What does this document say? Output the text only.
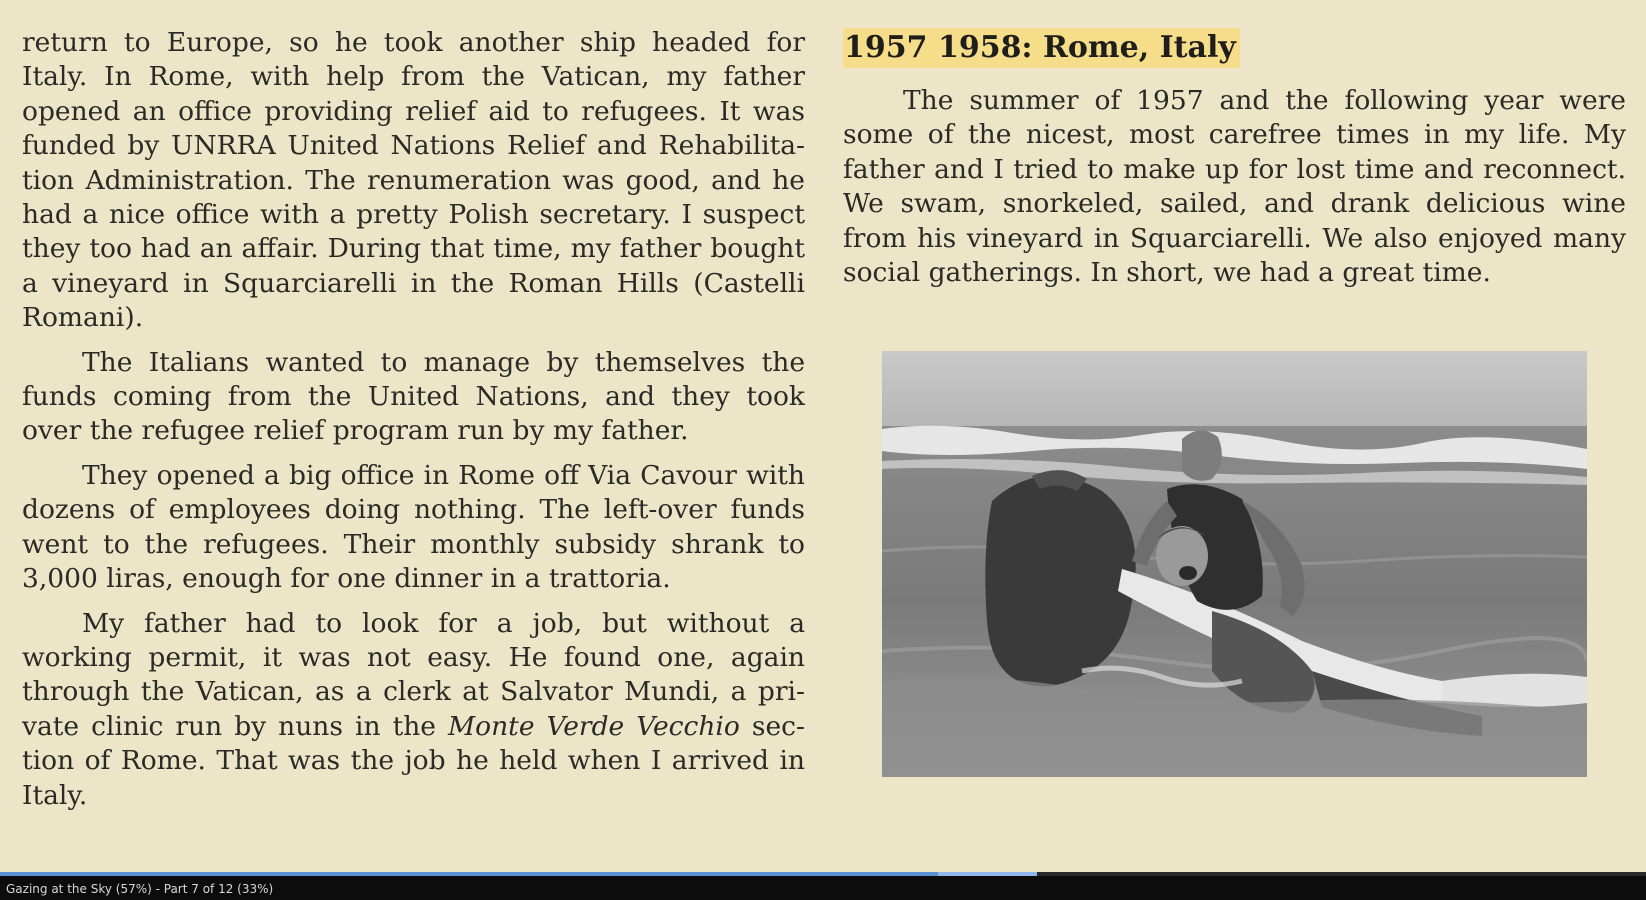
return to Europe, so he took another ship headed for Italy. In Rome, with help from the Vatican, my father opened an office providing relief aid to refugees. It was funded by UNRRA United Nations Relief and Rehabilitation Administration. The renumeration was good, and he had a nice office with a pretty Polish secretary. I suspect they too had an affair. During that time, my father bought a vineyard in Squarciarelli in the Roman Hills (Castelli Romani).

The Italians wanted to manage by themselves the funds coming from the United Nations, and they took over the refugee relief program run by my father.

They opened a big office in Rome off Via Cavour with dozens of employees doing nothing. The left-over funds went to the refugees. Their monthly subsidy shrank to 3,000 liras, enough for one dinner in a trattoria.

My father had to look for a job, but without a working permit, it was not easy. He found one, again through the Vatican, as a clerk at Salvator Mundi, a private clinic run by nuns in the Monte Verde Vecchio section of Rome. That was the job he held when I arrived in Italy.

1957 1958: Rome, Italy

The summer of 1957 and the following year were some of the nicest, most carefree times in my life. My father and I tried to make up for lost time and reconnect. We swam, snorkeled, sailed, and drank delicious wine from his vineyard in Squarciarelli. We also enjoyed many social gatherings. In short, we had a great time.

Gazing at the Sky (57%) - Part 7 of 12 (33%)
